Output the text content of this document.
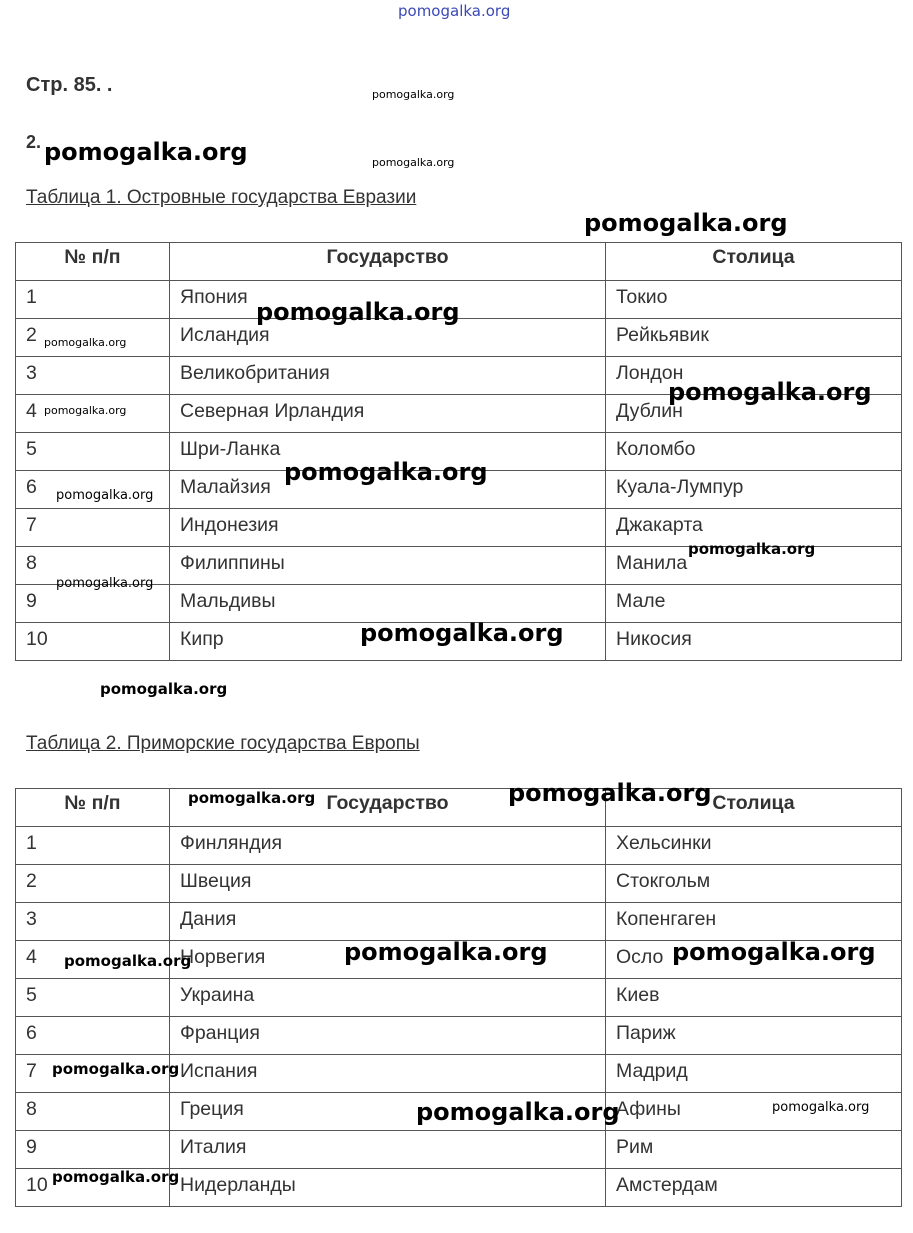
pomogalka.org
Стр. 85. .
2.
Таблица 1. Островные государства Евразии
№ п/п	Государство	Столица
1	Япония	Токио
2	Исландия	Рейкьявик
3	Великобритания	Лондон
4	Северная Ирландия	Дублин
5	Шри-Ланка	Коломбо
6	Малайзия	Куала-Лумпур
7	Индонезия	Джакарта
8	Филиппины	Манила
9	Мальдивы	Мале
10	Кипр	Никосия
Таблица 2. Приморские государства Европы
№ п/п	Государство	Столица
1	Финляндия	Хельсинки
2	Швеция	Стокгольм
3	Дания	Копенгаген
4	Норвегия	Осло
5	Украина	Киев
6	Франция	Париж
7	Испания	Мадрид
8	Греция	Афины
9	Италия	Рим
10	Нидерланды	Амстердам
pomogalka.org
pomogalka.org	pomogalka.org
pomogalka.org
pomogalka.org
pomogalka.org
pomogalka.org
pomogalka.org
pomogalka.org
pomogalka.org
pomogalka.org
pomogalka.org
pomogalka.org
pomogalka.org
pomogalka.org	pomogalka.org
pomogalka.org	pomogalka.org
pomogalka.org
pomogalka.org
pomogalka.org	pomogalka.org
pomogalka.org
